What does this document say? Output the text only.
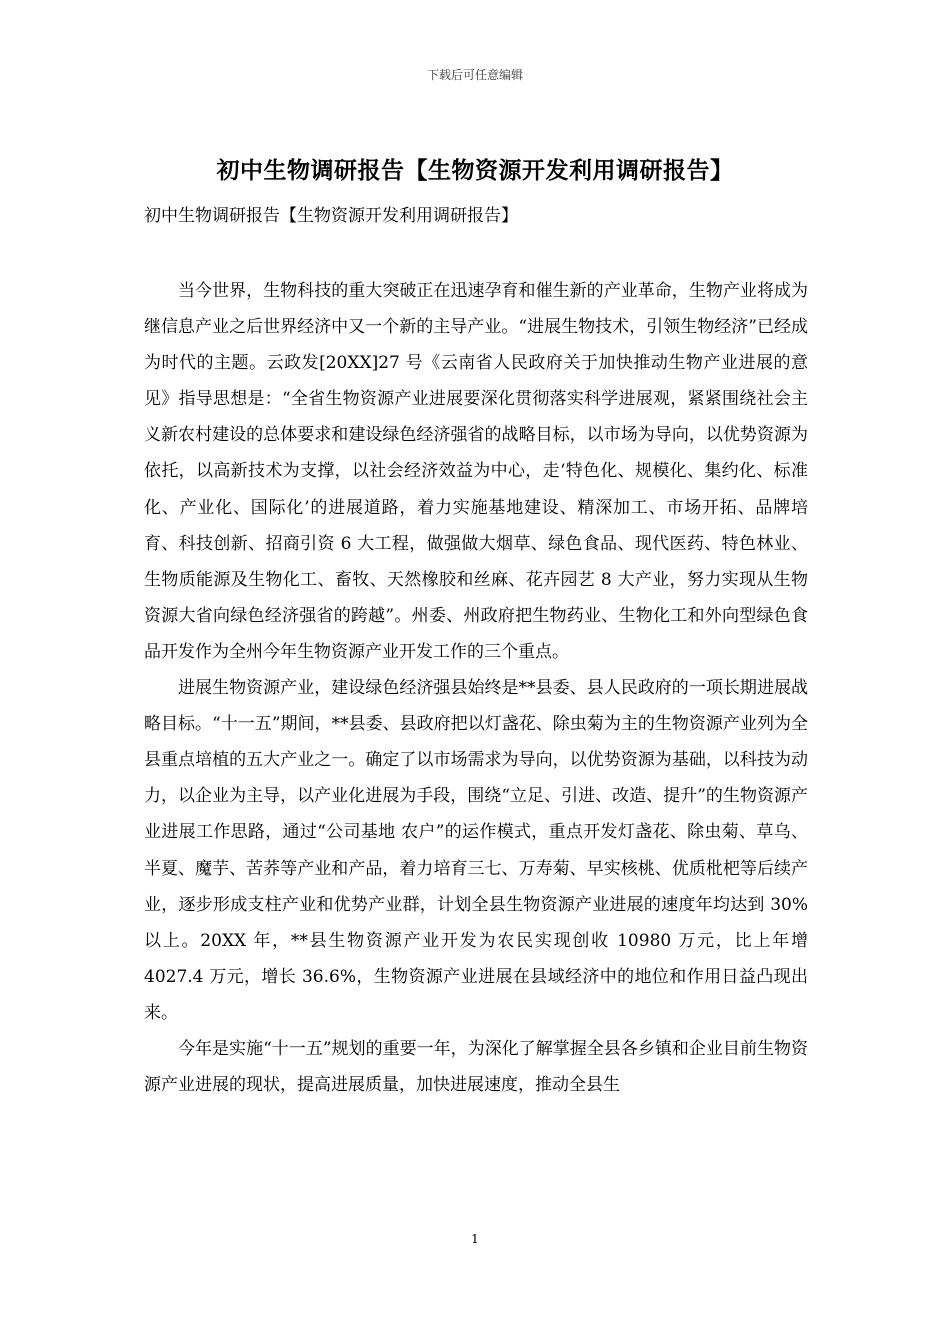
下载后可任意编辑
初中生物调研报告【生物资源开发利用调研报告】
初中生物调研报告【生物资源开发利用调研报告】

当今世界，生物科技的重大突破正在迅速孕育和催生新的产业革命，生物产业将成为继信息产业之后世界经济中又一个新的主导产业。“进展生物技术，引领生物经济”已经成为时代的主题。云政发[20XX]27 号《云南省人民政府关于加快推动生物产业进展的意见》指导思想是：“全省生物资源产业进展要深化贯彻落实科学进展观，紧紧围绕社会主义新农村建设的总体要求和建设绿色经济强省的战略目标，以市场为导向，以优势资源为依托，以高新技术为支撑，以社会经济效益为中心，走‘特色化、规模化、集约化、标准化、产业化、国际化’的进展道路，着力实施基地建设、精深加工、市场开拓、品牌培育、科技创新、招商引资 6 大工程，做强做大烟草、绿色食品、现代医药、特色林业、生物质能源及生物化工、畜牧、天然橡胶和丝麻、花卉园艺 8 大产业，努力实现从生物资源大省向绿色经济强省的跨越”。州委、州政府把生物药业、生物化工和外向型绿色食品开发作为全州今年生物资源产业开发工作的三个重点。

进展生物资源产业，建设绿色经济强县始终是**县委、县人民政府的一项长期进展战略目标。“十一五”期间，**县委、县政府把以灯盏花、除虫菊为主的生物资源产业列为全县重点培植的五大产业之一。确定了以市场需求为导向，以优势资源为基础，以科技为动力，以企业为主导，以产业化进展为手段，围绕“立足、引进、改造、提升”的生物资源产业进展工作思路，通过“公司基地 农户”的运作模式，重点开发灯盏花、除虫菊、草乌、半夏、魔芋、苦荞等产业和产品，着力培育三七、万寿菊、早实核桃、优质枇杷等后续产业，逐步形成支柱产业和优势产业群，计划全县生物资源产业进展的速度年均达到 30%以上。20XX 年，**县生物资源产业开发为农民实现创收 10980 万元，比上年增 4027.4 万元，增长 36.6%，生物资源产业进展在县域经济中的地位和作用日益凸现出来。

今年是实施“十一五”规划的重要一年，为深化了解掌握全县各乡镇和企业目前生物资源产业进展的现状，提高进展质量，加快进展速度，推动全县生

1
